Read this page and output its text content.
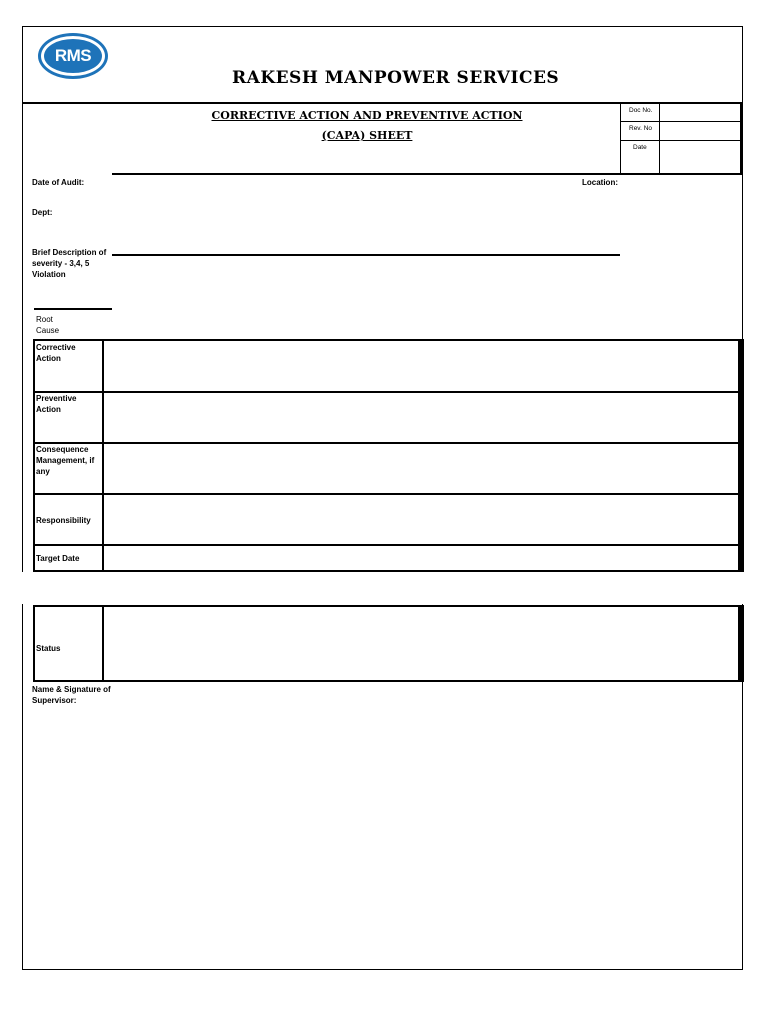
RMS
RAKESH MANPOWER SERVICES
CORRECTIVE ACTION AND PREVENTIVE ACTION
(CAPA) SHEET
Doc No.
Rev. No
Date
Date of Audit:	Location:
Dept:
Brief Description of severity - 3,4, 5 Violation
Root Cause
Corrective Action
Preventive Action
Consequence Management, if any
Responsibility
Target Date
Status
Name & Signature of Supervisor:
